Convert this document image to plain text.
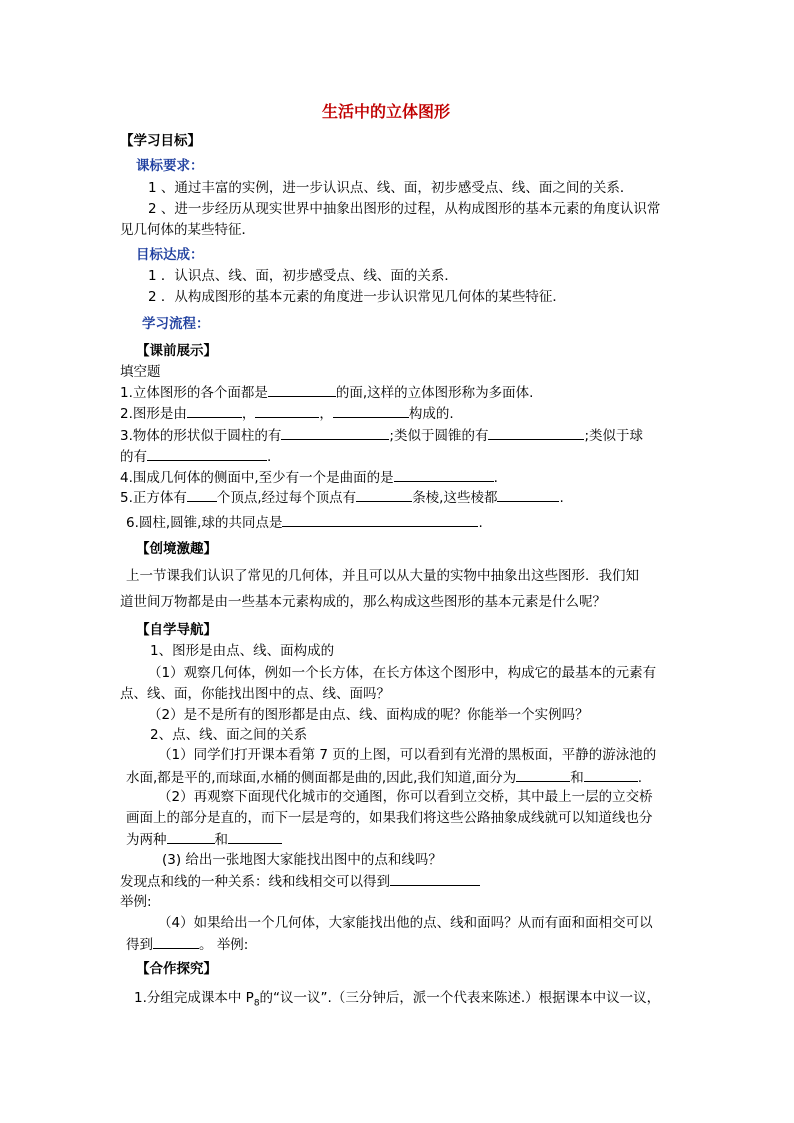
生活中的立体图形
【学习目标】
课标要求：
1 、通过丰富的实例，进一步认识点、线、面，初步感受点、线、面之间的关系．
2 、进一步经历从现实世界中抽象出图形的过程，从构成图形的基本元素的角度认识常
见几何体的某些特征．
目标达成：
1 ．认识点、线、面，初步感受点、线、面的关系．
2 ．从构成图形的基本元素的角度进一步认识常见几何体的某些特征．
学习流程：
【课前展示】
填空题
1.立体图形的各个面都是	的面,这样的立体图形称为多面体.
2.图形是由	，	，	构成的.
3.物体的形状似于圆柱的有	;类似于圆锥的有	;类似于球
的有	.
4.围成几何体的侧面中,至少有一个是曲面的是	.
5.正方体有 个顶点,经过每个顶点有	条棱,这些棱都	.
6.圆柱,圆锥,球的共同点是	.
【创境激趣】
上一节课我们认识了常见的几何体，并且可以从大量的实物中抽象出这些图形．我们知
道世间万物都是由一些基本元素构成的，那么构成这些图形的基本元素是什么呢？
【自学导航】
1、图形是由点、线、面构成的
（1）观察几何体，例如一个长方体，在长方体这个图形中，构成它的最基本的元素有
点、线、面，你能找出图中的点、线、面吗？
（2）是不是所有的图形都是由点、线、面构成的呢？你能举一个实例吗？
2、点、线、面之间的关系
（1）同学们打开课本看第 7 页的上图，可以看到有光滑的黑板面，平静的游泳池的
水面,都是平的,而球面,水桶的侧面都是曲的,因此,我们知道,面分为	和	.
（2）再观察下面现代化城市的交通图，你可以看到立交桥，其中最上一层的立交桥
画面上的部分是直的，而下一层是弯的，如果我们将这些公路抽象成线就可以知道线也分
为两种	和
(3) 给出一张地图大家能找出图中的点和线吗？
发现点和线的一种关系：线和线相交可以得到
举例:
（4）如果给出一个几何体，大家能找出他的点、线和面吗？从而有面和面相交可以
得到	。 举例:
【合作探究】
1.分组完成课本中 $P_8$的“议一议”.（三分钟后，派一个代表来陈述.）根据课本中议一议，
